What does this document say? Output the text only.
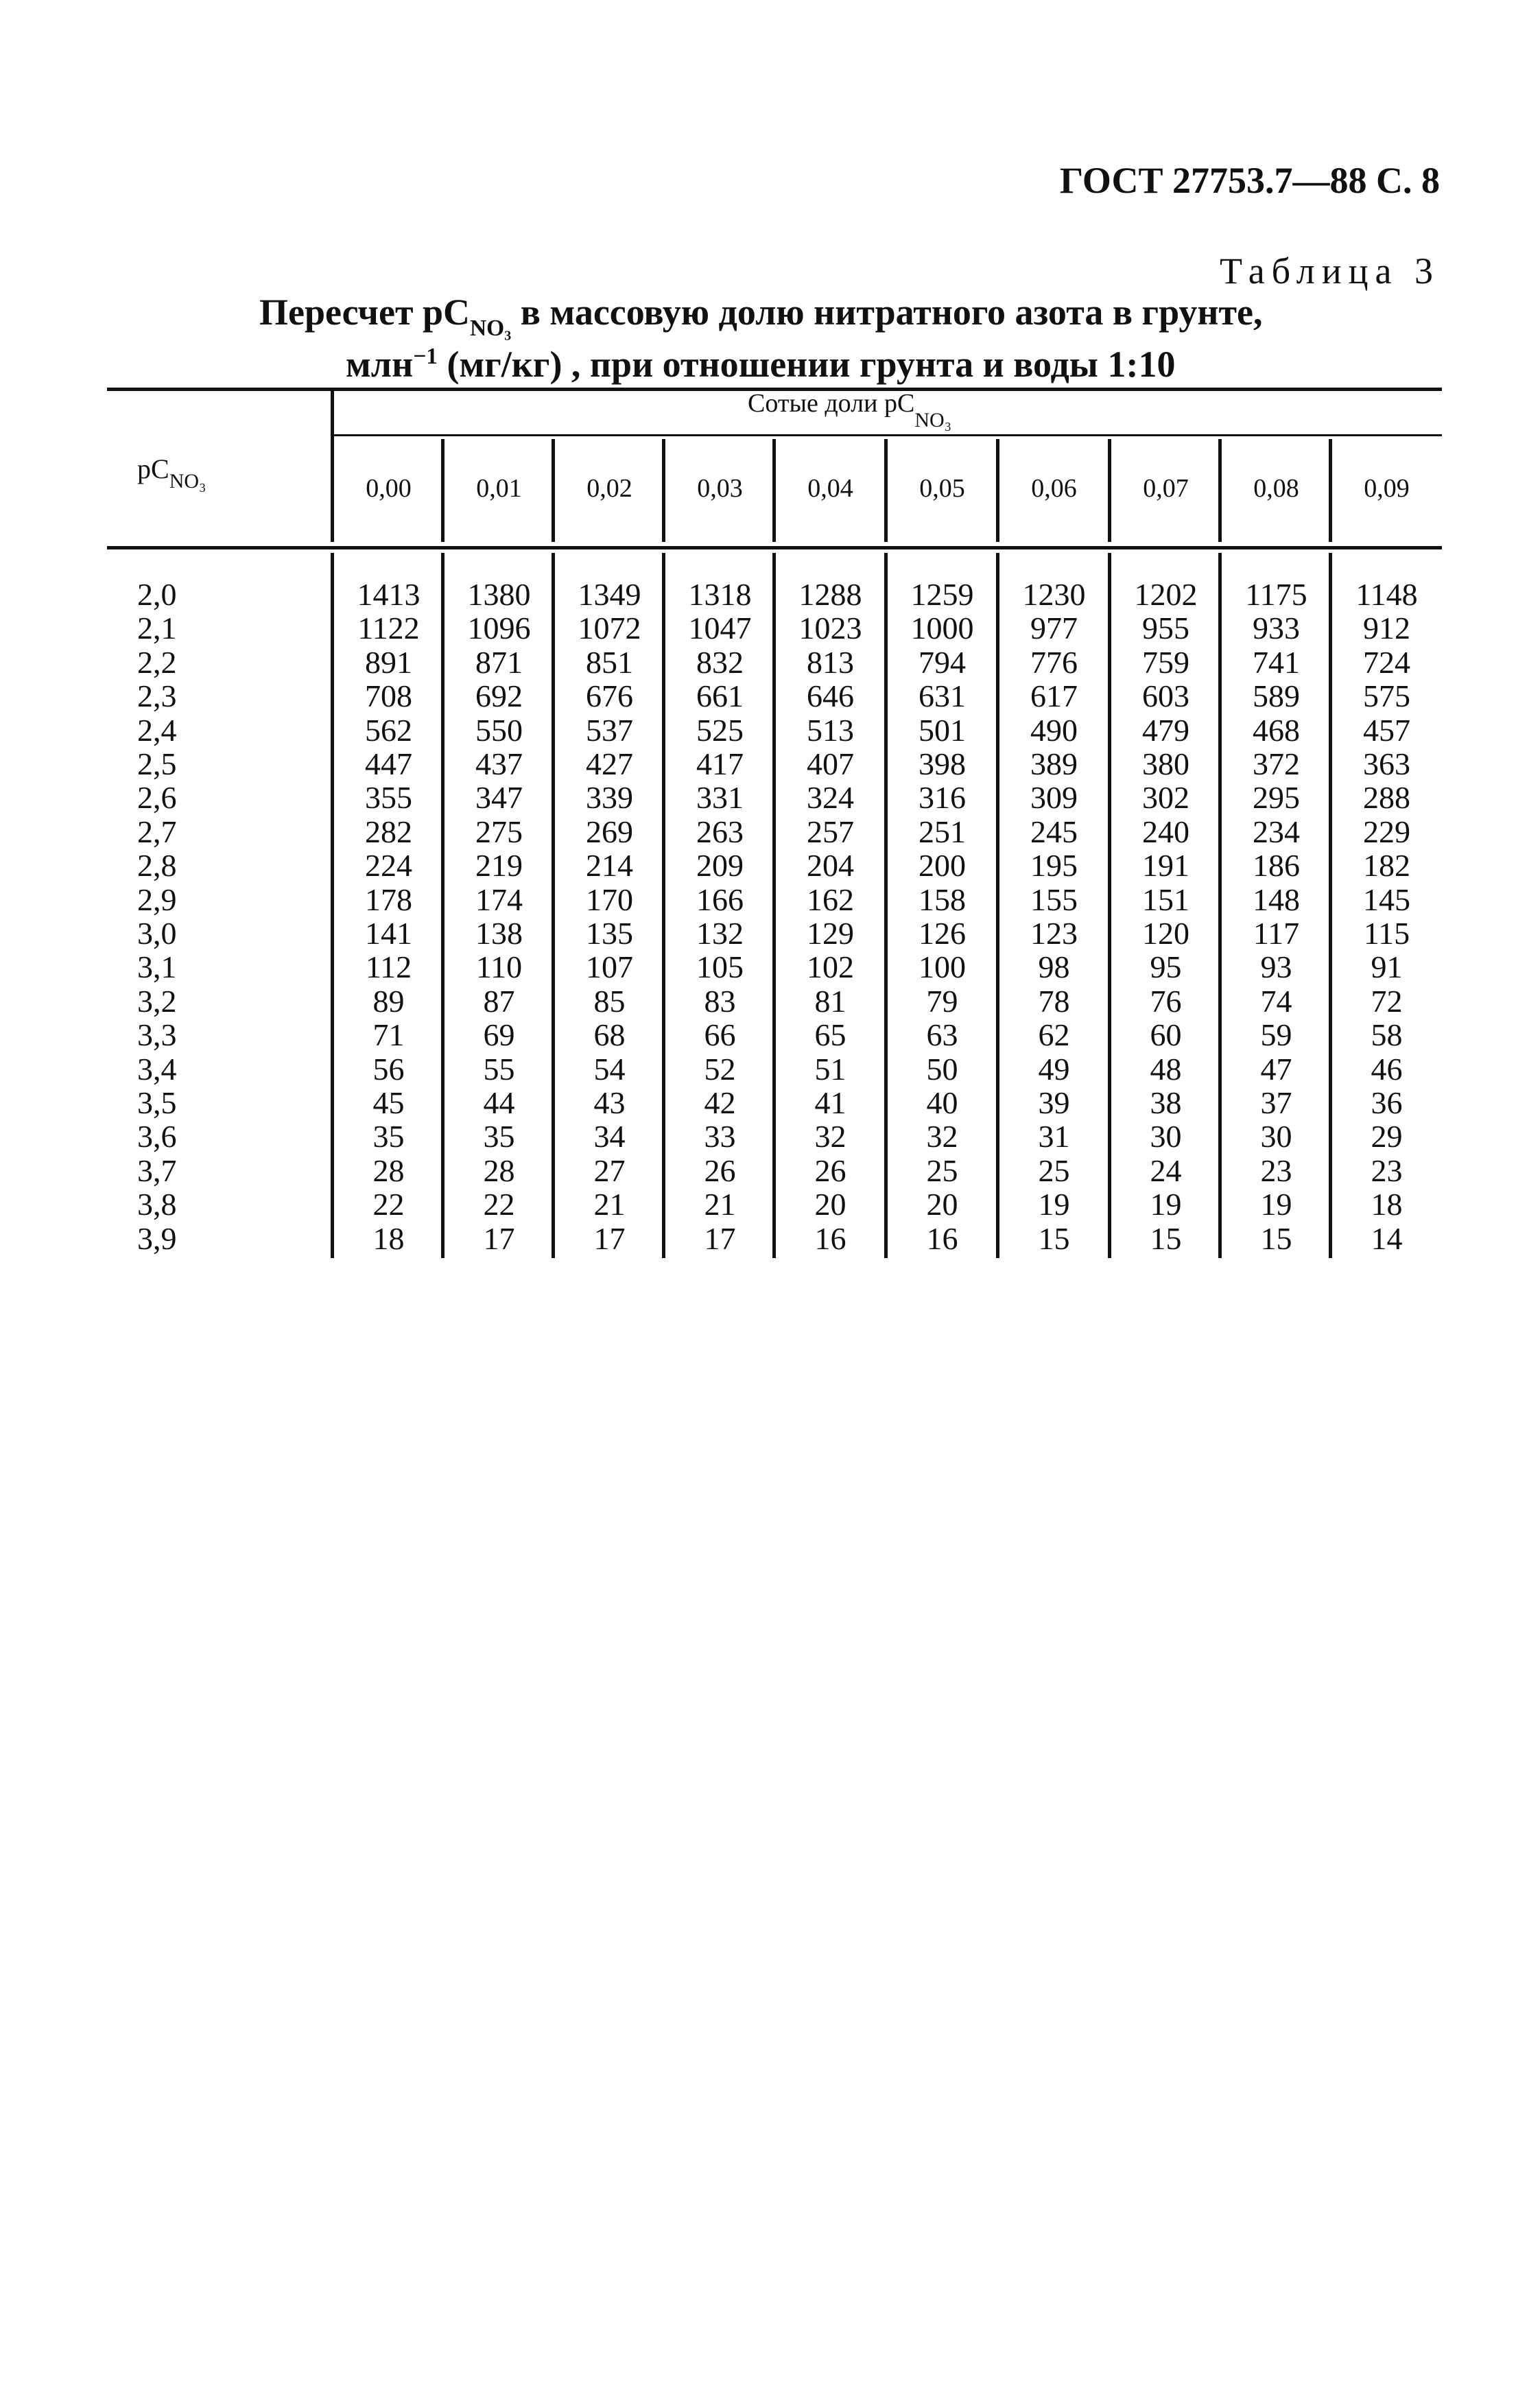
ГОСТ 27753.7—88 С. 8
Таблица 3
Пересчет $pC_{NO_3}$ в массовую долю нитратного азота в грунте,
млн$^{-1}$ (мг/кг) , при отношении грунта и воды 1:10
$pC_{NO_3}$
Сотые доли $pC_{NO_3}$
0,00	0,01	0,02	0,03	0,04	0,05	0,06	0,07	0,08	0,09
2,0	1413	1380	1349	1318	1288	1259	1230	1202	1175	1148
2,1	1122	1096	1072	1047	1023	1000	977	955	933	912
2,2	891	871	851	832	813	794	776	759	741	724
2,3	708	692	676	661	646	631	617	603	589	575
2,4	562	550	537	525	513	501	490	479	468	457
2,5	447	437	427	417	407	398	389	380	372	363
2,6	355	347	339	331	324	316	309	302	295	288
2,7	282	275	269	263	257	251	245	240	234	229
2,8	224	219	214	209	204	200	195	191	186	182
2,9	178	174	170	166	162	158	155	151	148	145
3,0	141	138	135	132	129	126	123	120	117	115
3,1	112	110	107	105	102	100	98	95	93	91
3,2	89	87	85	83	81	79	78	76	74	72
3,3	71	69	68	66	65	63	62	60	59	58
3,4	56	55	54	52	51	50	49	48	47	46
3,5	45	44	43	42	41	40	39	38	37	36
3,6	35	35	34	33	32	32	31	30	30	29
3,7	28	28	27	26	26	25	25	24	23	23
3,8	22	22	21	21	20	20	19	19	19	18
3,9	18	17	17	17	16	16	15	15	15	14
